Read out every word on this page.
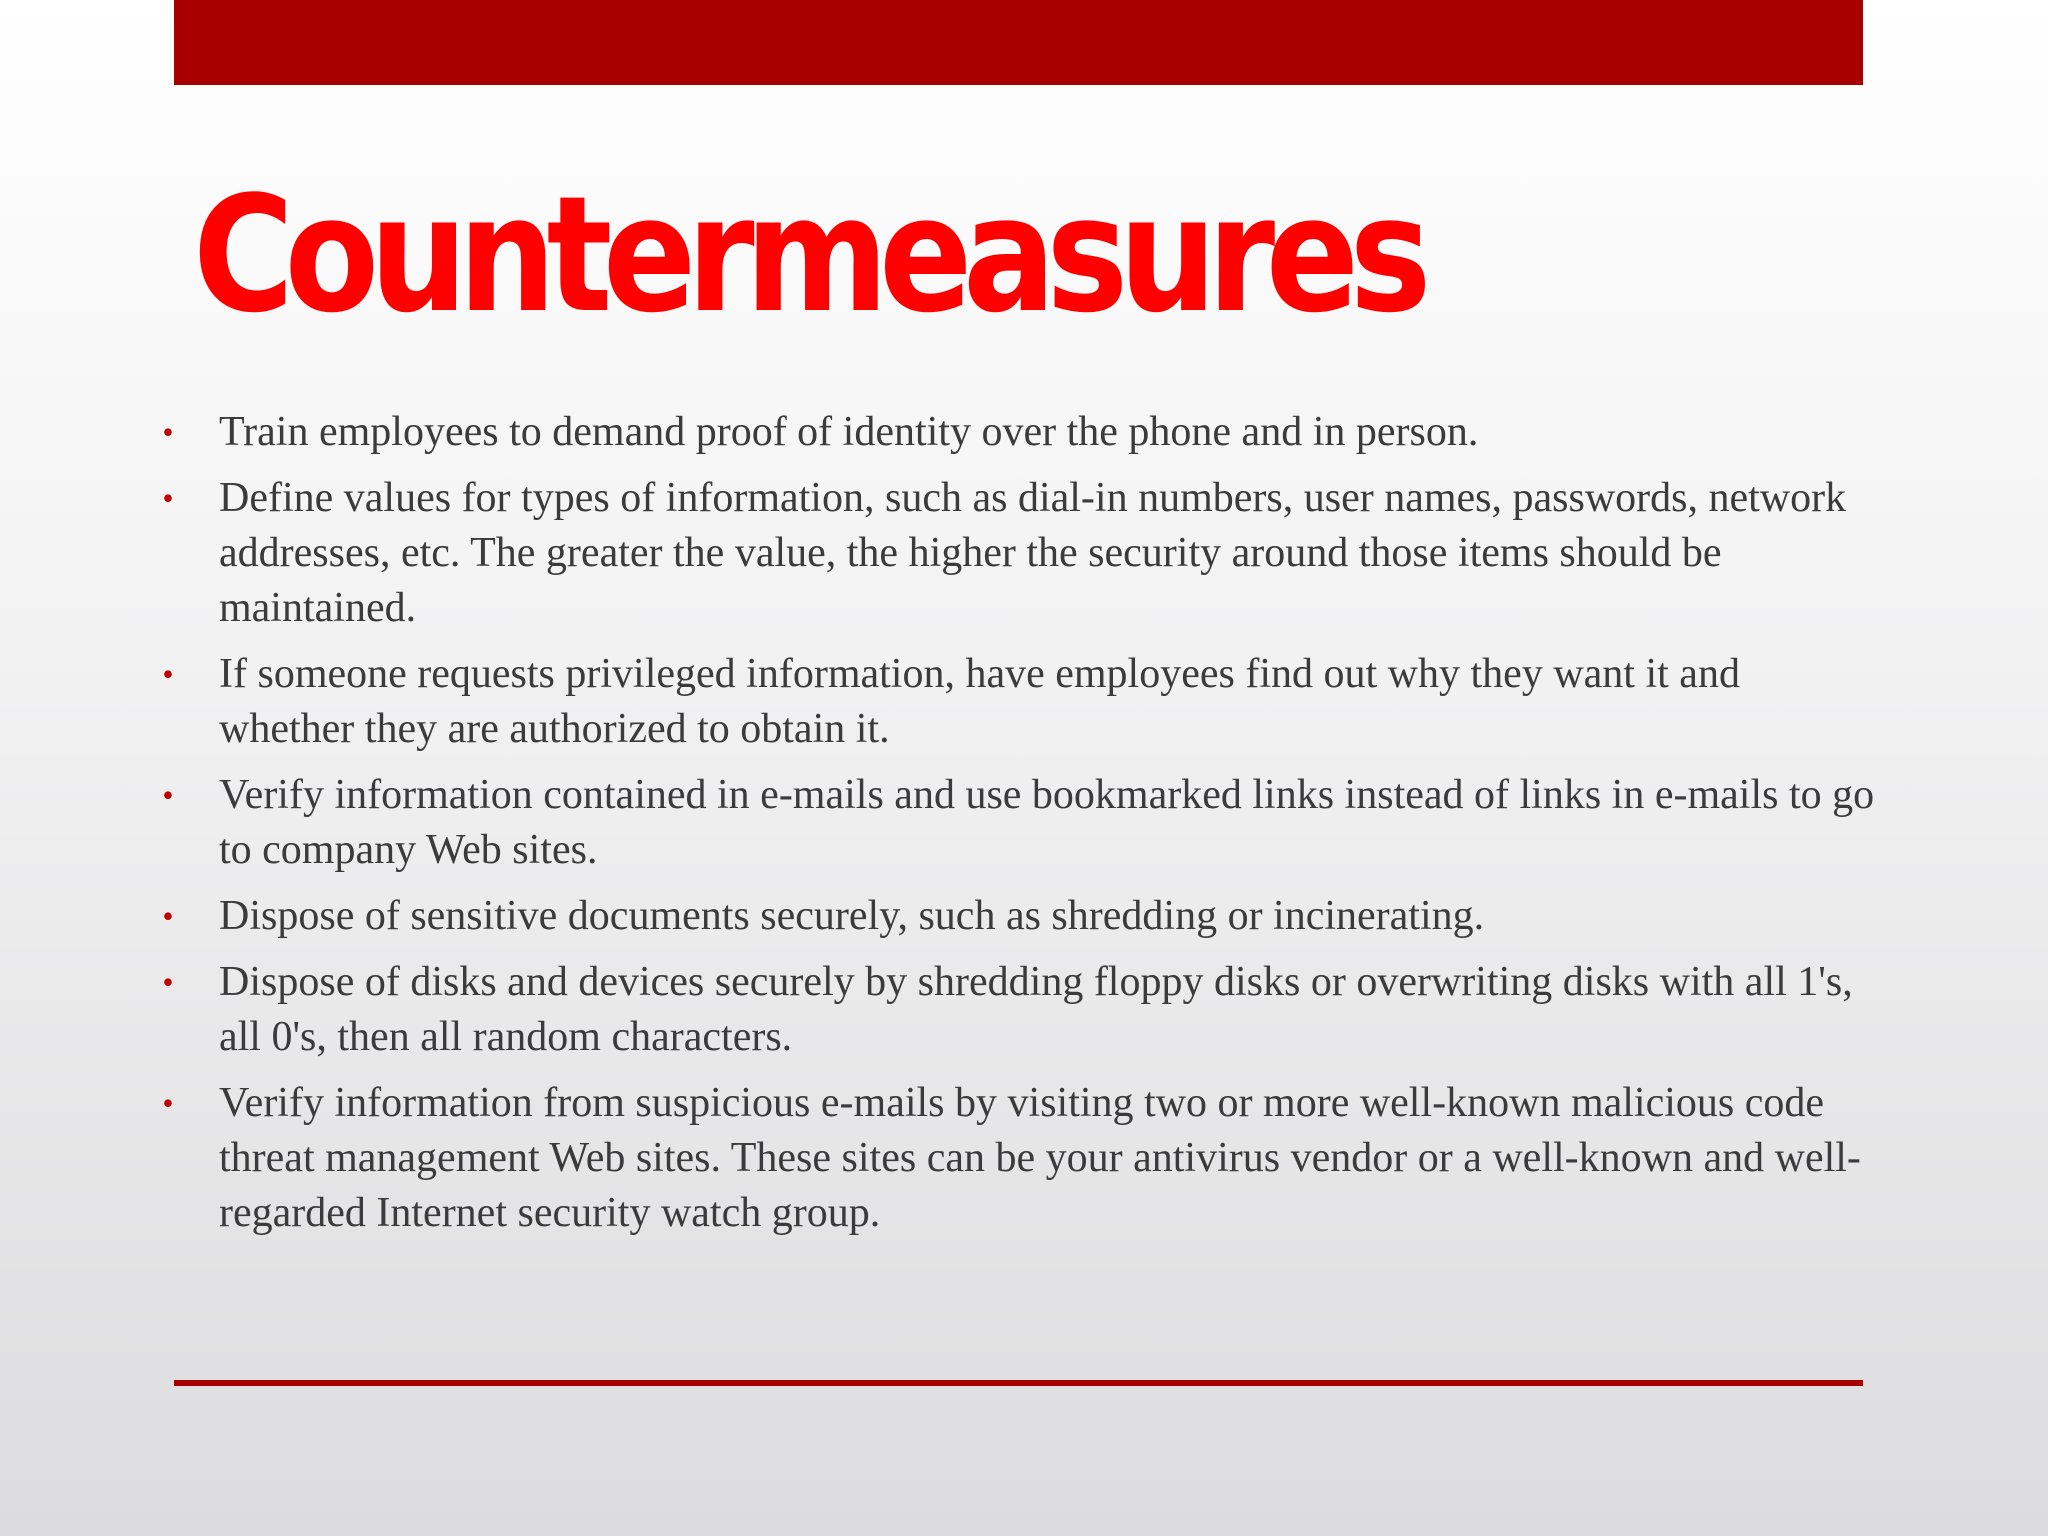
Countermeasures
• Train employees to demand proof of identity over the phone and in person.
• Define values for types of information, such as dial-in numbers, user names, passwords, network addresses, etc. The greater the value, the higher the security around those items should be maintained.
• If someone requests privileged information, have employees find out why they want it and whether they are authorized to obtain it.
• Verify information contained in e-mails and use bookmarked links instead of links in e-mails to go to company Web sites.
• Dispose of sensitive documents securely, such as shredding or incinerating.
• Dispose of disks and devices securely by shredding floppy disks or overwriting disks with all 1's, all 0's, then all random characters.
• Verify information from suspicious e-mails by visiting two or more well-known malicious code threat management Web sites. These sites can be your antivirus vendor or a well-known and well-regarded Internet security watch group.
